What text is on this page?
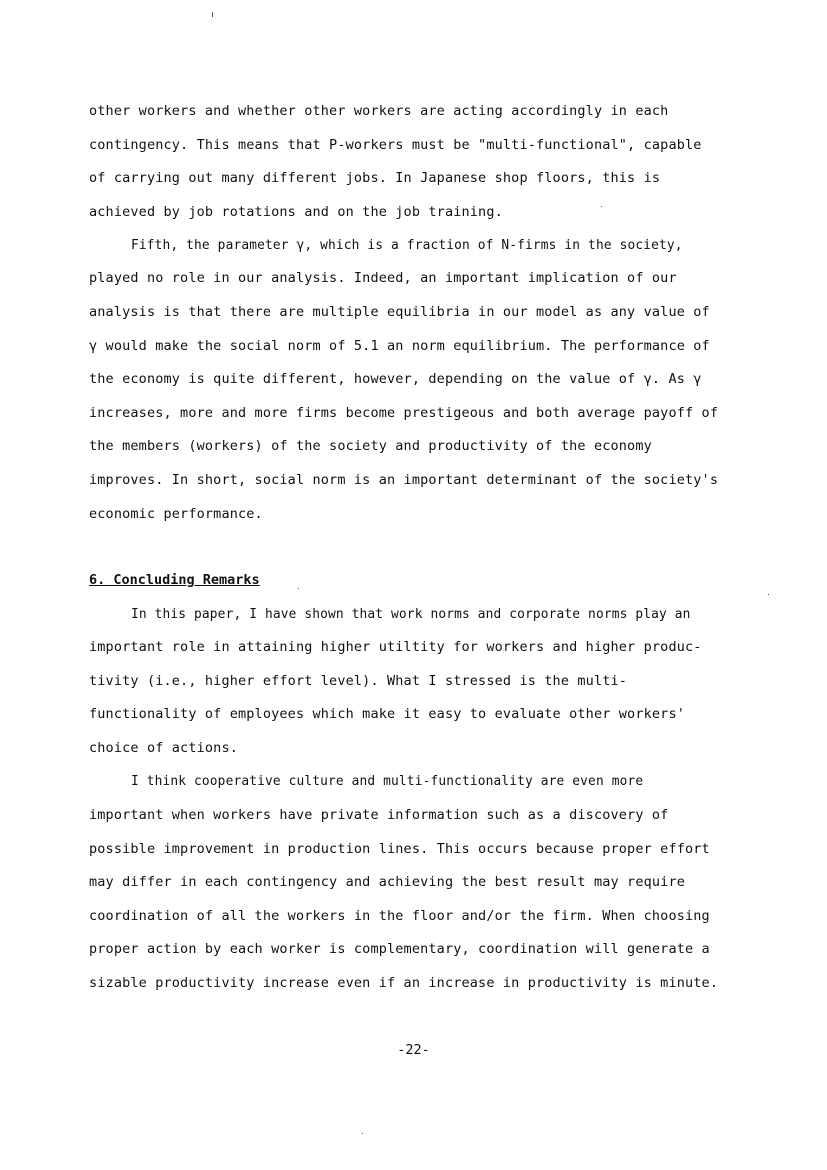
other workers and whether other workers are acting accordingly in each
contingency. This means that P-workers must be "multi-functional", capable
of carrying out many different jobs. In Japanese shop floors, this is
achieved by job rotations and on the job training.
Fifth, the parameter γ, which is a fraction of N-firms in the society,
played no role in our analysis. Indeed, an important implication of our
analysis is that there are multiple equilibria in our model as any value of
γ would make the social norm of 5.1 an norm equilibrium. The performance of
the economy is quite different, however, depending on the value of γ. As γ
increases, more and more firms become prestigeous and both average payoff of
the members (workers) of the society and productivity of the economy
improves. In short, social norm is an important determinant of the society's
economic performance.
6. Concluding Remarks
In this paper, I have shown that work norms and corporate norms play an
important role in attaining higher utiltity for workers and higher produc-
tivity (i.e., higher effort level). What I stressed is the multi-
functionality of employees which make it easy to evaluate other workers'
choice of actions.
I think cooperative culture and multi-functionality are even more
important when workers have private information such as a discovery of
possible improvement in production lines. This occurs because proper effort
may differ in each contingency and achieving the best result may require
coordination of all the workers in the floor and/or the firm. When choosing
proper action by each worker is complementary, coordination will generate a
sizable productivity increase even if an increase in productivity is minute.
-22-
